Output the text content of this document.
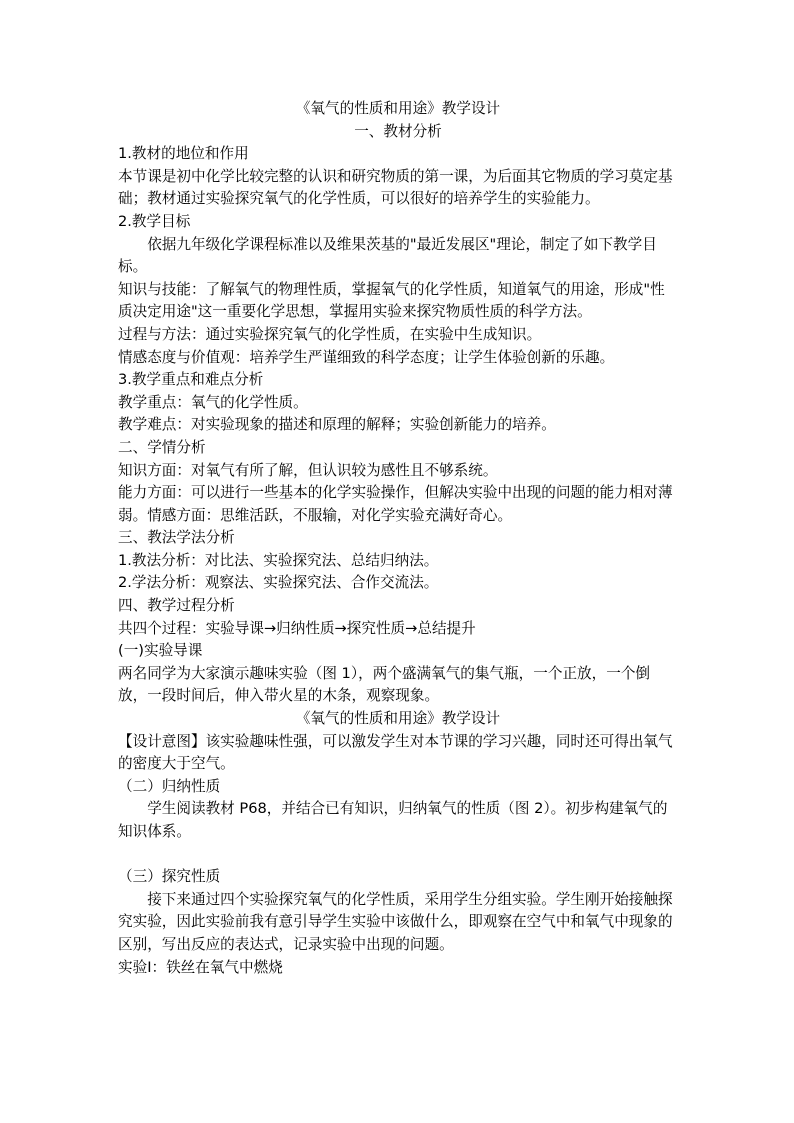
《氧气的性质和用途》教学设计

一、教材分析

1.教材的地位和作用

本节课是初中化学比较完整的认识和研究物质的第一课，为后面其它物质的学习莫定基础；教材通过实验探究氧气的化学性质，可以很好的培养学生的实验能力。

2.教学目标

依据九年级化学课程标准以及维果茨基的"最近发展区"理论，制定了如下教学目标。

知识与技能：了解氧气的物理性质，掌握氧气的化学性质，知道氧气的用途，形成"性质决定用途"这一重要化学思想，掌握用实验来探究物质性质的科学方法。

过程与方法：通过实验探究氧气的化学性质，在实验中生成知识。

情感态度与价值观：培养学生严谨细致的科学态度；让学生体验创新的乐趣。

3.教学重点和难点分析

教学重点：氧气的化学性质。

教学难点：对实验现象的描述和原理的解释；实验创新能力的培养。

二、学情分析

知识方面：对氧气有所了解，但认识较为感性且不够系统。

能力方面：可以进行一些基本的化学实验操作，但解决实验中出现的问题的能力相对薄弱。情感方面：思维活跃，不服输，对化学实验充满好奇心。

三、教法学法分析

1.教法分析：对比法、实验探究法、总结归纳法。

2.学法分析：观察法、实验探究法、合作交流法。

四、教学过程分析

共四个过程：实验导课→归纳性质→探究性质→总结提升

(一)实验导课

两名同学为大家演示趣味实验（图 1），两个盛满氧气的集气瓶，一个正放，一个倒放，一段时间后，伸入带火星的木条，观察现象。

《氧气的性质和用途》教学设计

【设计意图】该实验趣味性强，可以激发学生对本节课的学习兴趣，同时还可得出氧气的密度大于空气。

（二）归纳性质

学生阅读教材 P68，并结合已有知识，归纳氧气的性质（图 2）。初步构建氧气的知识体系。

（三）探究性质

接下来通过四个实验探究氧气的化学性质，采用学生分组实验。学生刚开始接触探究实验，因此实验前我有意引导学生实验中该做什么，即观察在空气中和氧气中现象的区别，写出反应的表达式，记录实验中出现的问题。

实验Ⅰ：铁丝在氧气中燃烧
